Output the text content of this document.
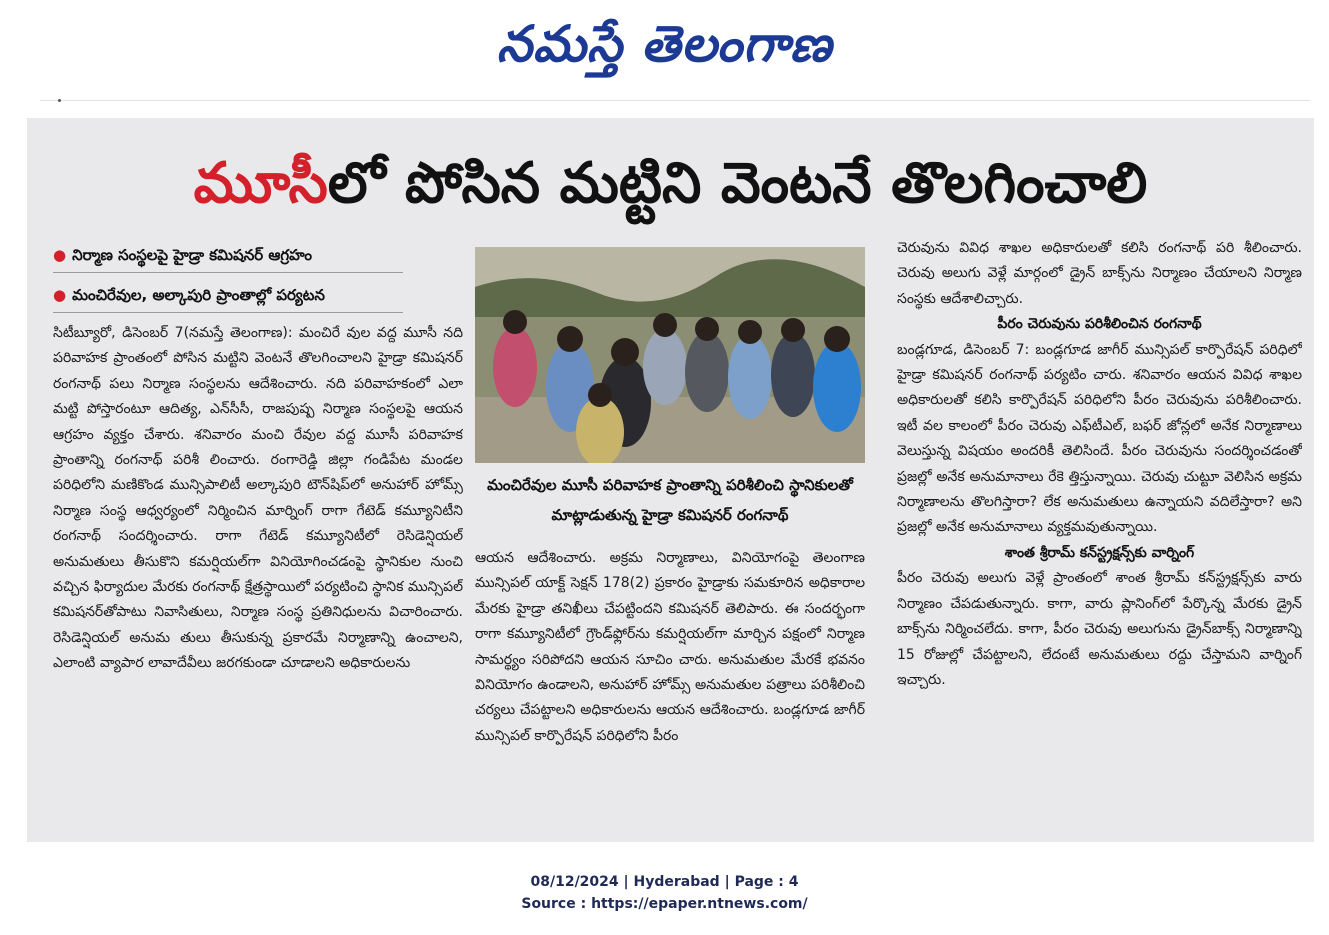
నమస్తే తెలంగాణ
మూసీలో పోసిన మట్టిని వెంటనే తొలగించాలి
● నిర్మాణ సంస్థలపై హైడ్రా కమిషనర్ ఆగ్రహం
● మంచిరేవుల, అల్కాపురి ప్రాంతాల్లో పర్యటన

సిటీబ్యూరో, డిసెంబర్ 7(నమస్తే తెలంగాణ): మంచిరే వుల వద్ద మూసీ నది పరివాహక ప్రాంతంలో పోసిన మట్టిని వెంటనే తొలగించాలని హైడ్రా కమిషనర్ రంగనాథ్ పలు నిర్మాణ సంస్థలను ఆదేశించారు. నది పరివాహకంలో ఎలా మట్టి పోస్తారంటూ ఆదిత్య, ఎన్‌సీసీ, రాజపుష్ప నిర్మాణ సంస్థలపై ఆయన ఆగ్రహం వ్యక్తం చేశారు. శనివారం మంచి రేవుల వద్ద మూసీ పరివాహక ప్రాంతాన్ని రంగనాథ్ పరిశీ లించారు. రంగారెడ్డి జిల్లా గండిపేట మండల పరిధిలోని మణికొండ మున్సిపాలిటీ అల్కాపురి టౌన్‌షిప్‌లో అనుహార్ హోమ్స్ నిర్మాణ సంస్థ ఆధ్వర్యంలో నిర్మించిన మార్నింగ్ రాగా గేటెడ్ కమ్యూనిటీని రంగనాథ్ సందర్శించారు. రాగా గేటెడ్ కమ్యూనిటీలో రెసిడెన్షియల్ అనుమతులు తీసుకొని కమర్షియల్‌గా వినియోగించడంపై స్థానికుల నుంచి వచ్చిన ఫిర్యాదుల మేరకు రంగనాథ్ క్షేత్రస్థాయిలో పర్యటించి స్థానిక మున్సిపల్ కమిషనర్‌తోపాటు నివాసితులు, నిర్మాణ సంస్థ ప్రతినిధులను విచారించారు. రెసిడెన్షియల్ అనుమ తులు తీసుకున్న ప్రకారమే నిర్మాణాన్ని ఉంచాలని, ఎలాంటి వ్యాపార లావాదేవీలు జరగకుండా చూడాలని అధికారులను

మంచిరేవుల మూసీ పరివాహక ప్రాంతాన్ని పరిశీలించి స్థానికులతో మాట్లాడుతున్న హైడ్రా కమిషనర్ రంగనాథ్

ఆయన ఆదేశించారు. అక్రమ నిర్మాణాలు, వినియోగంపై తెలంగాణ మున్సిపల్ యాక్ట్ సెక్షన్ 178(2) ప్రకారం హైడ్రాకు సమకూరిన అధికారాల మేరకు హైడ్రా తనిఖీలు చేపట్టిందని కమిషనర్ తెలిపారు. ఈ సందర్భంగా రాగా కమ్యూనిటీలో గ్రౌండ్‌ఫ్లోర్‌ను కమర్షియల్‌గా మార్చిన పక్షంలో నిర్మాణ సామర్థ్యం సరిపోదని ఆయన సూచిం చారు. అనుమతుల మేరకే భవనం వినియోగం ఉండాలని, అనుహార్ హోమ్స్ అనుమతుల పత్రాలు పరిశీలించి చర్యలు చేపట్టాలని అధికారులను ఆయన ఆదేశించారు. బండ్లగూడ జాగీర్ మున్సిపల్ కార్పొరేషన్ పరిధిలోని పీరం

చెరువును వివిధ శాఖల అధికారులతో కలిసి రంగనాథ్ పరి శీలించారు. చెరువు అలుగు వెళ్లే మార్గంలో డ్రైన్ బాక్స్‌ను నిర్మాణం చేయాలని నిర్మాణ సంస్థకు ఆదేశాలిచ్చారు.

పీరం చెరువును పరిశీలించిన రంగనాథ్

బండ్లగూడ, డిసెంబర్ 7: బండ్లగూడ జాగీర్ మున్సిపల్ కార్పొరేషన్ పరిధిలో హైడ్రా కమిషనర్ రంగనాథ్ పర్యటిం చారు. శనివారం ఆయన వివిధ శాఖల అధికారులతో కలిసి కార్పొరేషన్ పరిధిలోని పీరం చెరువును పరిశీలించారు. ఇటీ వల కాలంలో పీరం చెరువు ఎఫ్‌టీఎల్, బఫర్ జోన్లలో అనేక నిర్మాణాలు వెలుస్తున్న విషయం అందరికీ తెలిసిందే. పీరం చెరువును సందర్శించడంతో ప్రజల్లో అనేక అనుమానాలు రేకె త్తిస్తున్నాయి. చెరువు చుట్టూ వెలిసిన అక్రమ నిర్మాణాలను తొలగిస్తారా? లేక అనుమతులు ఉన్నాయని వదిలేస్తారా? అని ప్రజల్లో అనేక అనుమానాలు వ్యక్తమవుతున్నాయి.

శాంత శ్రీరామ్ కన్‌స్ట్రక్షన్స్‌కు వార్నింగ్

పీరం చెరువు అలుగు వెళ్లే ప్రాంతంలో శాంత శ్రీరామ్ కన్‌స్ట్రక్షన్స్‌కు వారు నిర్మాణం చేపడుతున్నారు. కాగా, వారు ప్లానింగ్‌లో పేర్కొన్న మేరకు డ్రైన్ బాక్స్‌ను నిర్మించలేదు. కాగా, పీరం చెరువు అలుగును డ్రైన్‌బాక్స్‌ నిర్మాణాన్ని 15 రోజుల్లో చేపట్టాలని, లేదంటే అనుమతులు రద్దు చేస్తామని వార్నింగ్ ఇచ్చారు.

08/12/2024 | Hyderabad | Page : 4
Source : https://epaper.ntnews.com/
